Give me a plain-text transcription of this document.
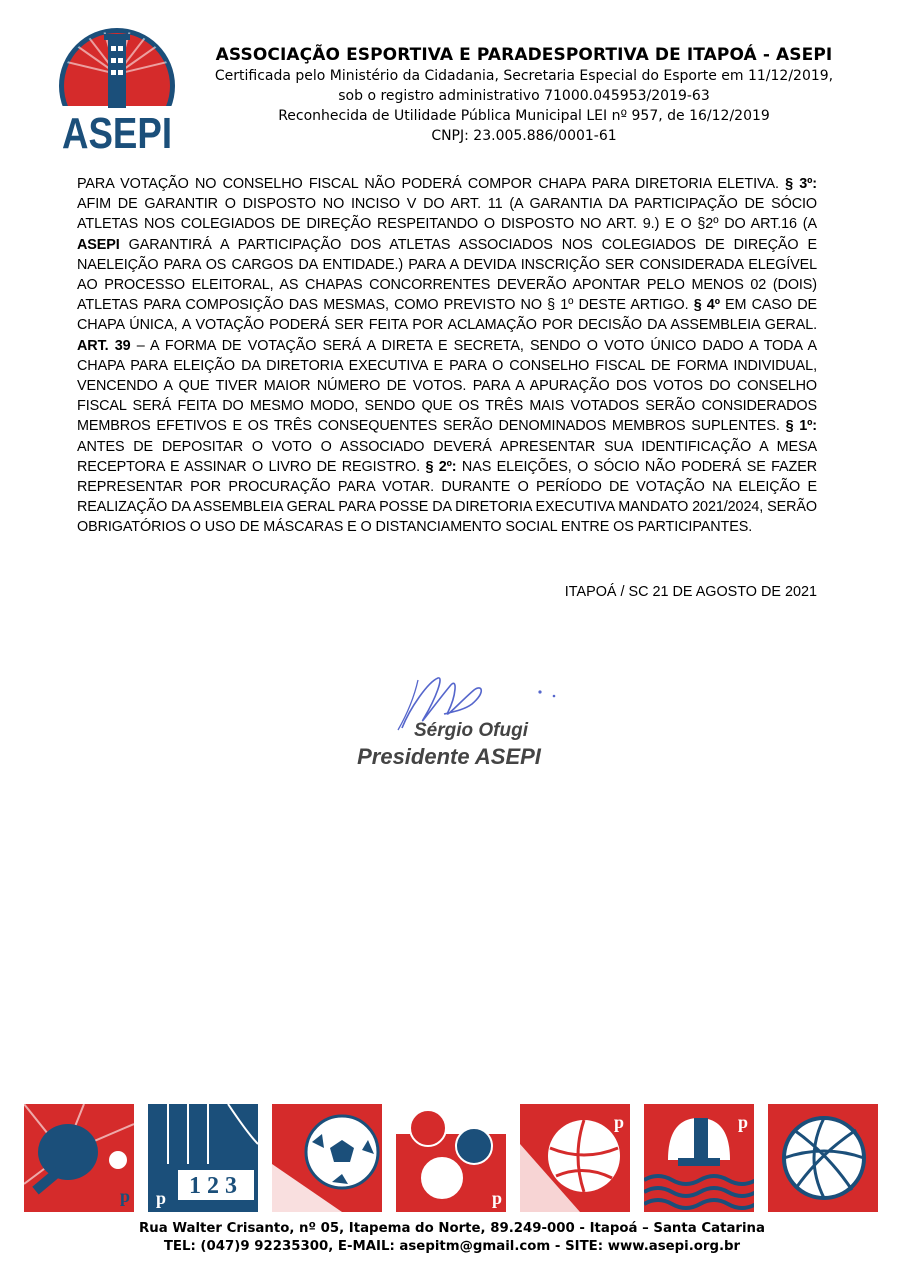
ASEPI
ASSOCIAÇÃO ESPORTIVA E PARADESPORTIVA DE ITAPOÁ - ASEPI
Certificada pelo Ministério da Cidadania, Secretaria Especial do Esporte em 11/12/2019,
sob o registro administrativo 71000.045953/2019-63
Reconhecida de Utilidade Pública Municipal LEI nº 957, de 16/12/2019
CNPJ: 23.005.886/0001-61
PARA VOTAÇÃO NO CONSELHO FISCAL NÃO PODERÁ COMPOR CHAPA PARA DIRETORIA ELETIVA. § 3º: AFIM DE GARANTIR O DISPOSTO NO INCISO V DO ART. 11 (A GARANTIA DA PARTICIPAÇÃO DE SÓCIO ATLETAS NOS COLEGIADOS DE DIREÇÃO RESPEITANDO O DISPOSTO NO ART. 9.) E O §2º DO ART.16 (A ASEPI GARANTIRÁ A PARTICIPAÇÃO DOS ATLETAS ASSOCIADOS NOS COLEGIADOS DE DIREÇÃO E NAELEIÇÃO PARA OS CARGOS DA ENTIDADE.) PARA A DEVIDA INSCRIÇÃO SER CONSIDERADA ELEGÍVEL AO PROCESSO ELEITORAL, AS CHAPAS CONCORRENTES DEVERÃO APONTAR PELO MENOS 02 (DOIS) ATLETAS PARA COMPOSIÇÃO DAS MESMAS, COMO PREVISTO NO § 1º DESTE ARTIGO. § 4º EM CASO DE CHAPA ÚNICA, A VOTAÇÃO PODERÁ SER FEITA POR ACLAMAÇÃO POR DECISÃO DA ASSEMBLEIA GERAL. ART. 39 – A FORMA DE VOTAÇÃO SERÁ A DIRETA E SECRETA, SENDO O VOTO ÚNICO DADO A TODA A CHAPA PARA ELEIÇÃO DA DIRETORIA EXECUTIVA E PARA O CONSELHO FISCAL DE FORMA INDIVIDUAL, VENCENDO A QUE TIVER MAIOR NÚMERO DE VOTOS. PARA A APURAÇÃO DOS VOTOS DO CONSELHO FISCAL SERÁ FEITA DO MESMO MODO, SENDO QUE OS TRÊS MAIS VOTADOS SERÃO CONSIDERADOS MEMBROS EFETIVOS E OS TRÊS CONSEQUENTES SERÃO DENOMINADOS MEMBROS SUPLENTES. § 1º: ANTES DE DEPOSITAR O VOTO O ASSOCIADO DEVERÁ APRESENTAR SUA IDENTIFICAÇÃO A MESA RECEPTORA E ASSINAR O LIVRO DE REGISTRO. § 2º: NAS ELEIÇÕES, O SÓCIO NÃO PODERÁ SE FAZER REPRESENTAR POR PROCURAÇÃO PARA VOTAR. DURANTE O PERÍODO DE VOTAÇÃO NA ELEIÇÃO E REALIZAÇÃO DA ASSEMBLEIA GERAL PARA POSSE DA DIRETORIA EXECUTIVA MANDATO 2021/2024, SERÃO OBRIGATÓRIOS O USO DE MÁSCARAS E O DISTANCIAMENTO SOCIAL ENTRE OS PARTICIPANTES.
ITAPOÁ / SC 21 DE AGOSTO DE 2021
Sérgio Ofugi
Presidente ASEPI
p 123
p	p
p	p
Rua Walter Crisanto, nº 05, Itapema do Norte, 89.249-000 - Itapoá – Santa Catarina
TEL: (047)9 92235300, E-MAIL: asepitm@gmail.com - SITE: www.asepi.org.br
